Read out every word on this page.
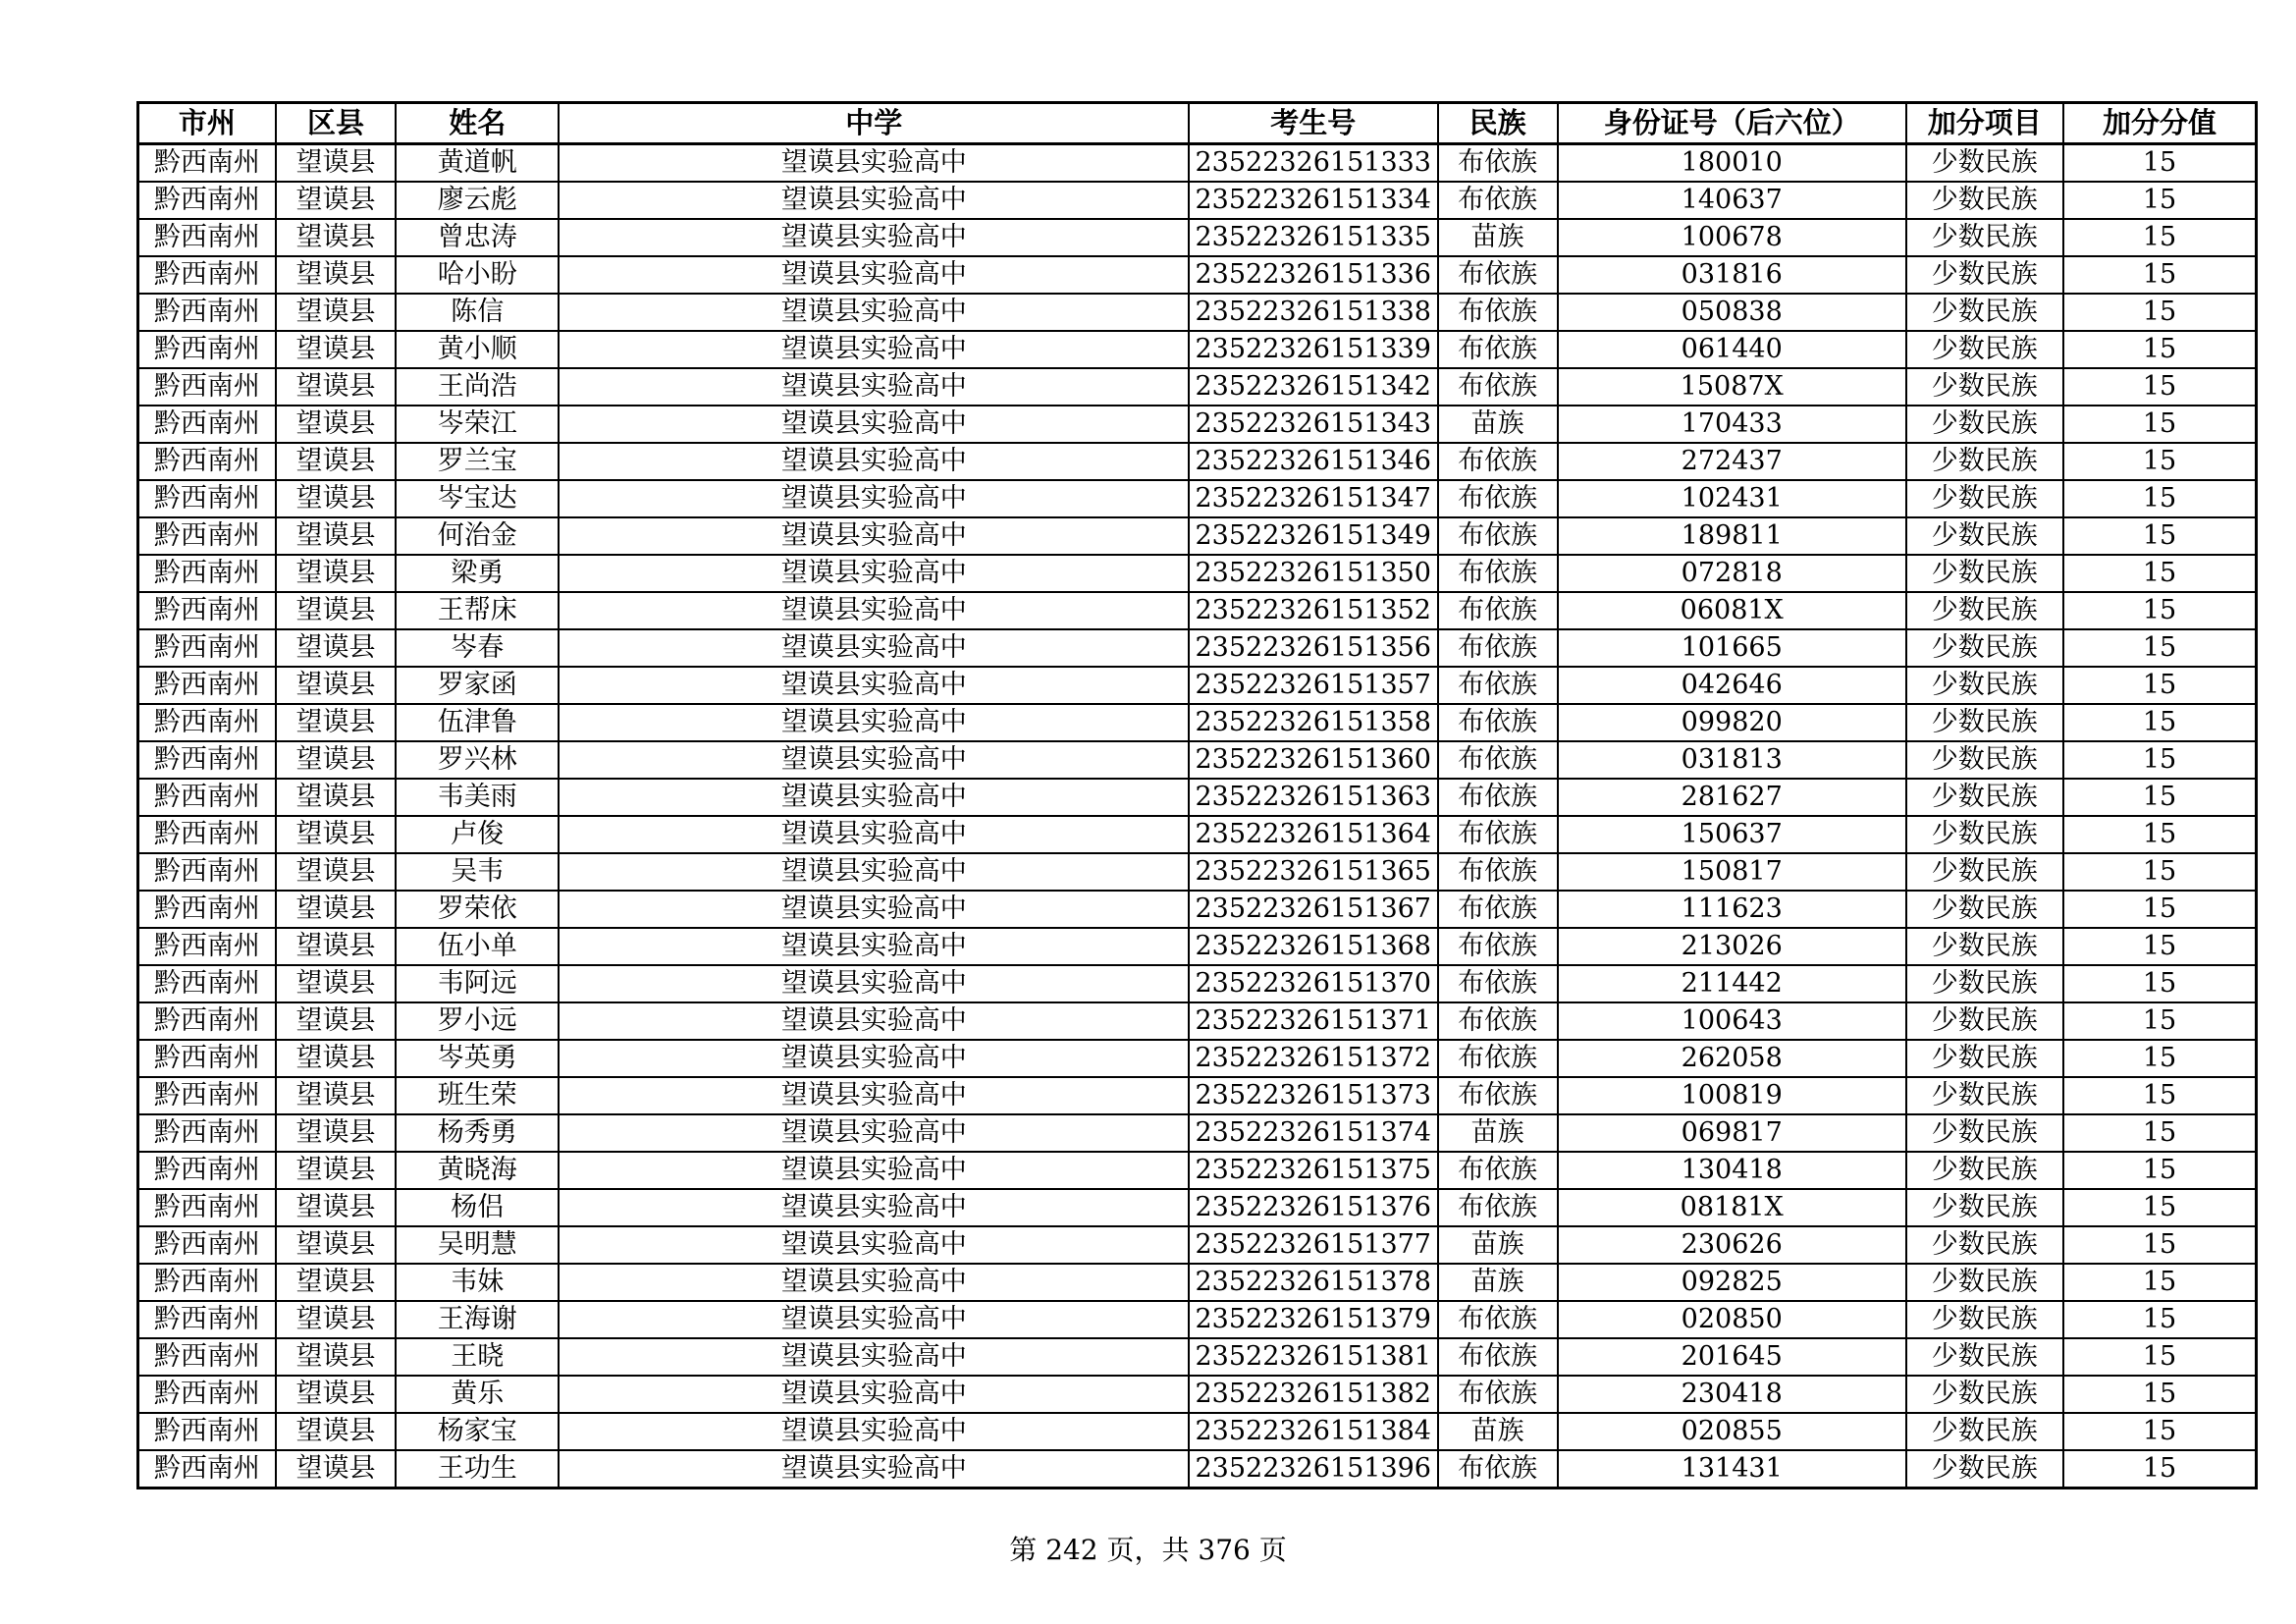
市州	区县	姓名	中学	考生号	民族	身份证号（后六位）	加分项目	加分分值
黔西南州	望谟县	黄道帆	望谟县实验高中	23522326151333	布依族	180010	少数民族	15
黔西南州	望谟县	廖云彪	望谟县实验高中	23522326151334	布依族	140637	少数民族	15
黔西南州	望谟县	曾忠涛	望谟县实验高中	23522326151335	苗族	100678	少数民族	15
黔西南州	望谟县	哈小盼	望谟县实验高中	23522326151336	布依族	031816	少数民族	15
黔西南州	望谟县	陈信	望谟县实验高中	23522326151338	布依族	050838	少数民族	15
黔西南州	望谟县	黄小顺	望谟县实验高中	23522326151339	布依族	061440	少数民族	15
黔西南州	望谟县	王尚浩	望谟县实验高中	23522326151342	布依族	15087X	少数民族	15
黔西南州	望谟县	岑荣江	望谟县实验高中	23522326151343	苗族	170433	少数民族	15
黔西南州	望谟县	罗兰宝	望谟县实验高中	23522326151346	布依族	272437	少数民族	15
黔西南州	望谟县	岑宝达	望谟县实验高中	23522326151347	布依族	102431	少数民族	15
黔西南州	望谟县	何治金	望谟县实验高中	23522326151349	布依族	189811	少数民族	15
黔西南州	望谟县	梁勇	望谟县实验高中	23522326151350	布依族	072818	少数民族	15
黔西南州	望谟县	王帮床	望谟县实验高中	23522326151352	布依族	06081X	少数民族	15
黔西南州	望谟县	岑春	望谟县实验高中	23522326151356	布依族	101665	少数民族	15
黔西南州	望谟县	罗家函	望谟县实验高中	23522326151357	布依族	042646	少数民族	15
黔西南州	望谟县	伍津鲁	望谟县实验高中	23522326151358	布依族	099820	少数民族	15
黔西南州	望谟县	罗兴林	望谟县实验高中	23522326151360	布依族	031813	少数民族	15
黔西南州	望谟县	韦美雨	望谟县实验高中	23522326151363	布依族	281627	少数民族	15
黔西南州	望谟县	卢俊	望谟县实验高中	23522326151364	布依族	150637	少数民族	15
黔西南州	望谟县	吴韦	望谟县实验高中	23522326151365	布依族	150817	少数民族	15
黔西南州	望谟县	罗荣依	望谟县实验高中	23522326151367	布依族	111623	少数民族	15
黔西南州	望谟县	伍小单	望谟县实验高中	23522326151368	布依族	213026	少数民族	15
黔西南州	望谟县	韦阿远	望谟县实验高中	23522326151370	布依族	211442	少数民族	15
黔西南州	望谟县	罗小远	望谟县实验高中	23522326151371	布依族	100643	少数民族	15
黔西南州	望谟县	岑英勇	望谟县实验高中	23522326151372	布依族	262058	少数民族	15
黔西南州	望谟县	班生荣	望谟县实验高中	23522326151373	布依族	100819	少数民族	15
黔西南州	望谟县	杨秀勇	望谟县实验高中	23522326151374	苗族	069817	少数民族	15
黔西南州	望谟县	黄晓海	望谟县实验高中	23522326151375	布依族	130418	少数民族	15
黔西南州	望谟县	杨侣	望谟县实验高中	23522326151376	布依族	08181X	少数民族	15
黔西南州	望谟县	吴明慧	望谟县实验高中	23522326151377	苗族	230626	少数民族	15
黔西南州	望谟县	韦妹	望谟县实验高中	23522326151378	苗族	092825	少数民族	15
黔西南州	望谟县	王海谢	望谟县实验高中	23522326151379	布依族	020850	少数民族	15
黔西南州	望谟县	王晓	望谟县实验高中	23522326151381	布依族	201645	少数民族	15
黔西南州	望谟县	黄乐	望谟县实验高中	23522326151382	布依族	230418	少数民族	15
黔西南州	望谟县	杨家宝	望谟县实验高中	23522326151384	苗族	020855	少数民族	15
黔西南州	望谟县	王功生	望谟县实验高中	23522326151396	布依族	131431	少数民族	15
第 242 页，共 376 页
